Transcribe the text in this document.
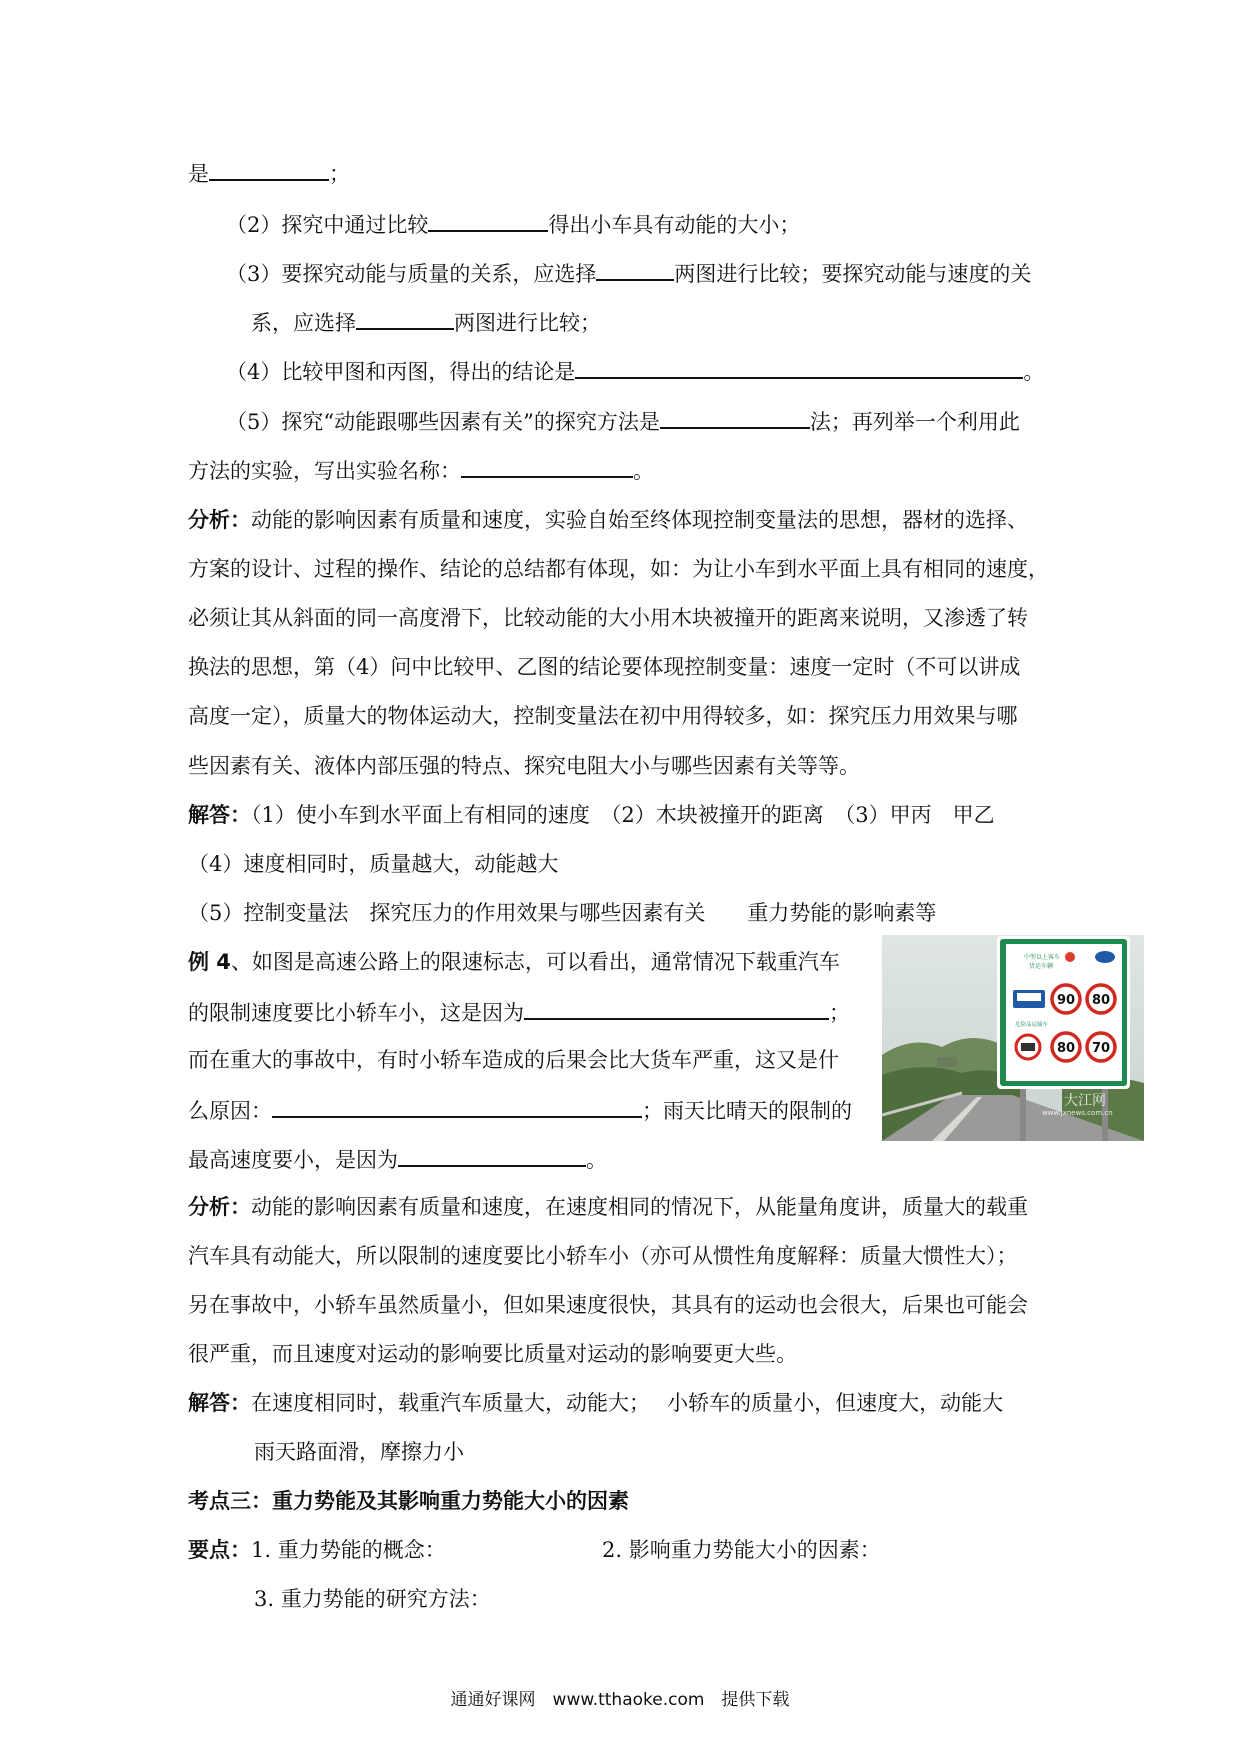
是	；
（2）探究中通过比较	得出小车具有动能的大小；
（3）要探究动能与质量的关系，应选择	两图进行比较；要探究动能与速度的关
系，应选择	两图进行比较；
（4）比较甲图和丙图，得出的结论是	。
（5）探究“动能跟哪些因素有关”的探究方法是	法；再列举一个利用此
方法的实验，写出实验名称：	。
分析：动能的影响因素有质量和速度，实验自始至终体现控制变量法的思想，器材的选择、
方案的设计、过程的操作、结论的总结都有体现，如：为让小车到水平面上具有相同的速度，
必须让其从斜面的同一高度滑下，比较动能的大小用木块被撞开的距离来说明，又渗透了转
换法的思想，第（4）问中比较甲、乙图的结论要体现控制变量：速度一定时（不可以讲成
高度一定），质量大的物体运动大，控制变量法在初中用得较多，如：探究压力用效果与哪
些因素有关、液体内部压强的特点、探究电阻大小与哪些因素有关等等。
解答：（1）使小车到水平面上有相同的速度　（2）木块被撞开的距离　（3）甲丙　甲乙
（4）速度相同时，质量越大，动能越大
（5）控制变量法　探究压力的作用效果与哪些因素有关　　重力势能的影响素等
例 4、如图是高速公路上的限速标志，可以看出，通常情况下载重汽车
的限制速度要比小轿车小，这是因为	；
而在重大的事故中，有时小轿车造成的后果会比大货车严重，这又是什
么原因：	；雨天比晴天的限制的
最高速度要小，是因为	。
中型以上客车
货运车辆
危险品运输车
90 80
80 70
大江网
www.jxnews.com.cn
分析：动能的影响因素有质量和速度，在速度相同的情况下，从能量角度讲，质量大的载重
汽车具有动能大，所以限制的速度要比小轿车小（亦可从惯性角度解释：质量大惯性大）；
另在事故中，小轿车虽然质量小，但如果速度很快，其具有的运动也会很大，后果也可能会
很严重，而且速度对运动的影响要比质量对运动的影响要更大些。
解答：在速度相同时，载重汽车质量大，动能大；　 小轿车的质量小，但速度大，动能大
雨天路面滑，摩擦力小
考点三：重力势能及其影响重力势能大小的因素
要点：1. 重力势能的概念：	2. 影响重力势能大小的因素：
3. 重力势能的研究方法：
通通好课网　www.tthaoke.com　提供下载
